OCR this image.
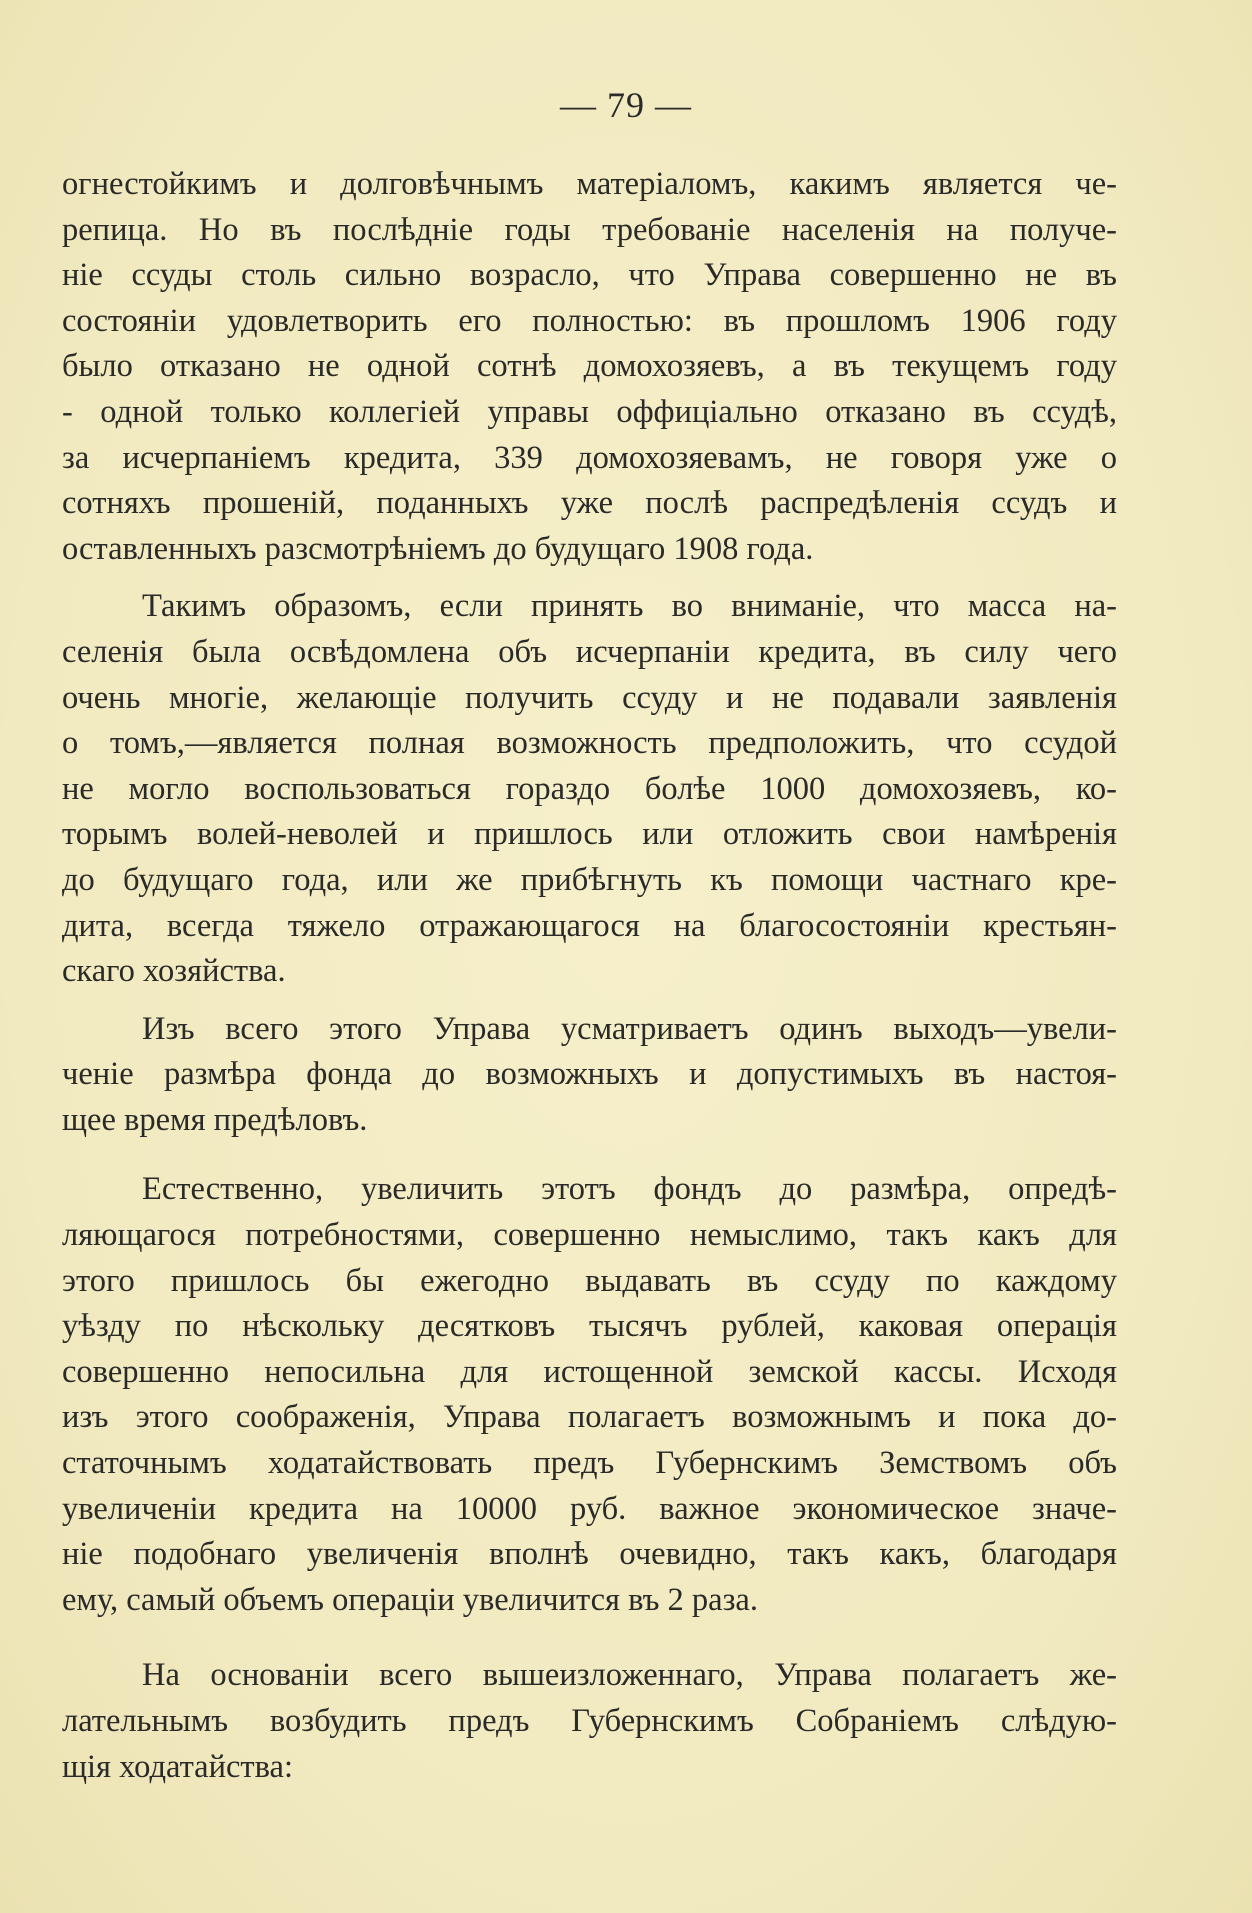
— 79 —

огнестойкимъ и долговѣчнымъ матеріаломъ, какимъ является че-
репица. Но въ послѣдніе годы требованіе населенія на получе-
ніе ссуды столь сильно возрасло, что Управа совершенно не въ
состояніи удовлетворить его полностью: въ прошломъ 1906 году
было отказано не одной сотнѣ домохозяевъ, а въ текущемъ году
- одной только коллегіей управы оффиціально отказано въ ссудѣ,
за исчерпаніемъ кредита, 339 домохозяевамъ, не говоря уже о
сотняхъ прошеній, поданныхъ уже послѣ распредѣленія ссудъ и
оставленныхъ разсмотрѣніемъ до будущаго 1908 года.

Такимъ образомъ, если принять во вниманіе, что масса на-
селенія была освѣдомлена объ исчерпаніи кредита, въ силу чего
очень многіе, желающіе получить ссуду и не подавали заявленія
о томъ,—является полная возможность предположить, что ссудой
не могло воспользоваться гораздо болѣе 1000 домохозяевъ, ко-
торымъ волей-неволей и пришлось или отложить свои намѣренія
до будущаго года, или же прибѣгнуть къ помощи частнаго кре-
дита, всегда тяжело отражающагося на благосостояніи крестьян-
скаго хозяйства.

Изъ всего этого Управа усматриваетъ одинъ выходъ—увели-
ченіе размѣра фонда до возможныхъ и допустимыхъ въ настоя-
щее время предѣловъ.

Естественно, увеличить этотъ фондъ до размѣра, опредѣ-
ляющагося потребностями, совершенно немыслимо, такъ какъ для
этого пришлось бы ежегодно выдавать въ ссуду по каждому
уѣзду по нѣскольку десятковъ тысячъ рублей, каковая операція
совершенно непосильна для истощенной земской кассы. Исходя
изъ этого соображенія, Управа полагаетъ возможнымъ и пока до-
статочнымъ ходатайствовать предъ Губернскимъ Земствомъ объ
увеличеніи кредита на 10000 руб. важное экономическое значе-
ніе подобнаго увеличенія вполнѣ очевидно, такъ какъ, благодаря
ему, самый объемъ операціи увеличится въ 2 раза.

На основаніи всего вышеизложеннаго, Управа полагаетъ же-
лательнымъ возбудить предъ Губернскимъ Собраніемъ слѣдую-
щія ходатайства:
